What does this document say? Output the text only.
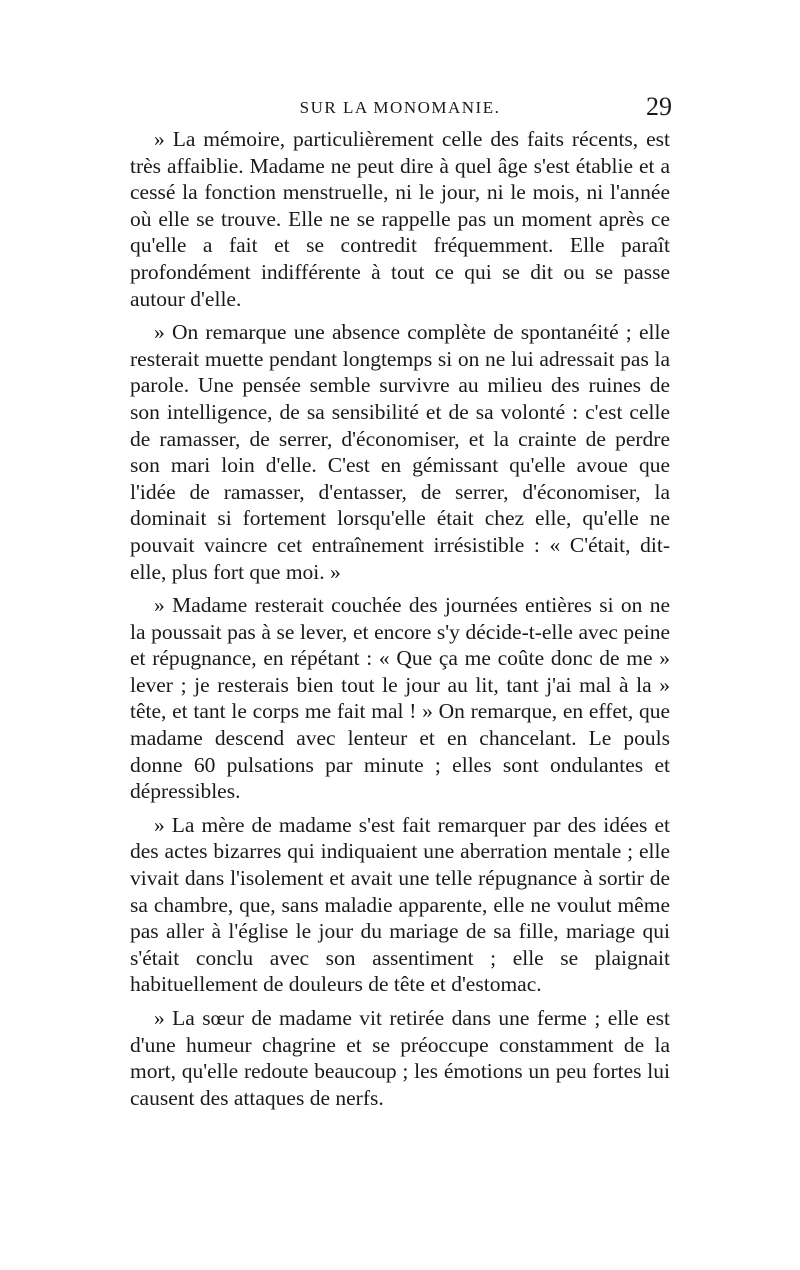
SUR LA MONOMANIE.	29

» La mémoire, particulièrement celle des faits récents, est très affaiblie. Madame ne peut dire à quel âge s'est établie et a cessé la fonction menstruelle, ni le jour, ni le mois, ni l'année où elle se trouve. Elle ne se rappelle pas un moment après ce qu'elle a fait et se contredit fréquemment. Elle paraît profondément indifférente à tout ce qui se dit ou se passe autour d'elle.

» On remarque une absence complète de spontanéité ; elle resterait muette pendant longtemps si on ne lui adressait pas la parole. Une pensée semble survivre au milieu des ruines de son intelligence, de sa sensibilité et de sa volonté : c'est celle de ramasser, de serrer, d'économiser, et la crainte de perdre son mari loin d'elle. C'est en gémissant qu'elle avoue que l'idée de ramasser, d'entasser, de serrer, d'économiser, la dominait si fortement lorsqu'elle était chez elle, qu'elle ne pouvait vaincre cet entraînement irrésistible : « C'était, dit-elle, plus fort que moi. »

» Madame resterait couchée des journées entières si on ne la poussait pas à se lever, et encore s'y décide-t-elle avec peine et répugnance, en répétant : « Que ça me coûte donc de me » lever ; je resterais bien tout le jour au lit, tant j'ai mal à la » tête, et tant le corps me fait mal ! » On remarque, en effet, que madame descend avec lenteur et en chancelant. Le pouls donne 60 pulsations par minute ; elles sont ondulantes et dépressibles.

» La mère de madame s'est fait remarquer par des idées et des actes bizarres qui indiquaient une aberration mentale ; elle vivait dans l'isolement et avait une telle répugnance à sortir de sa chambre, que, sans maladie apparente, elle ne voulut même pas aller à l'église le jour du mariage de sa fille, mariage qui s'était conclu avec son assentiment ; elle se plaignait habituellement de douleurs de tête et d'estomac.

» La sœur de madame vit retirée dans une ferme ; elle est d'une humeur chagrine et se préoccupe constamment de la mort, qu'elle redoute beaucoup ; les émotions un peu fortes lui causent des attaques de nerfs.
